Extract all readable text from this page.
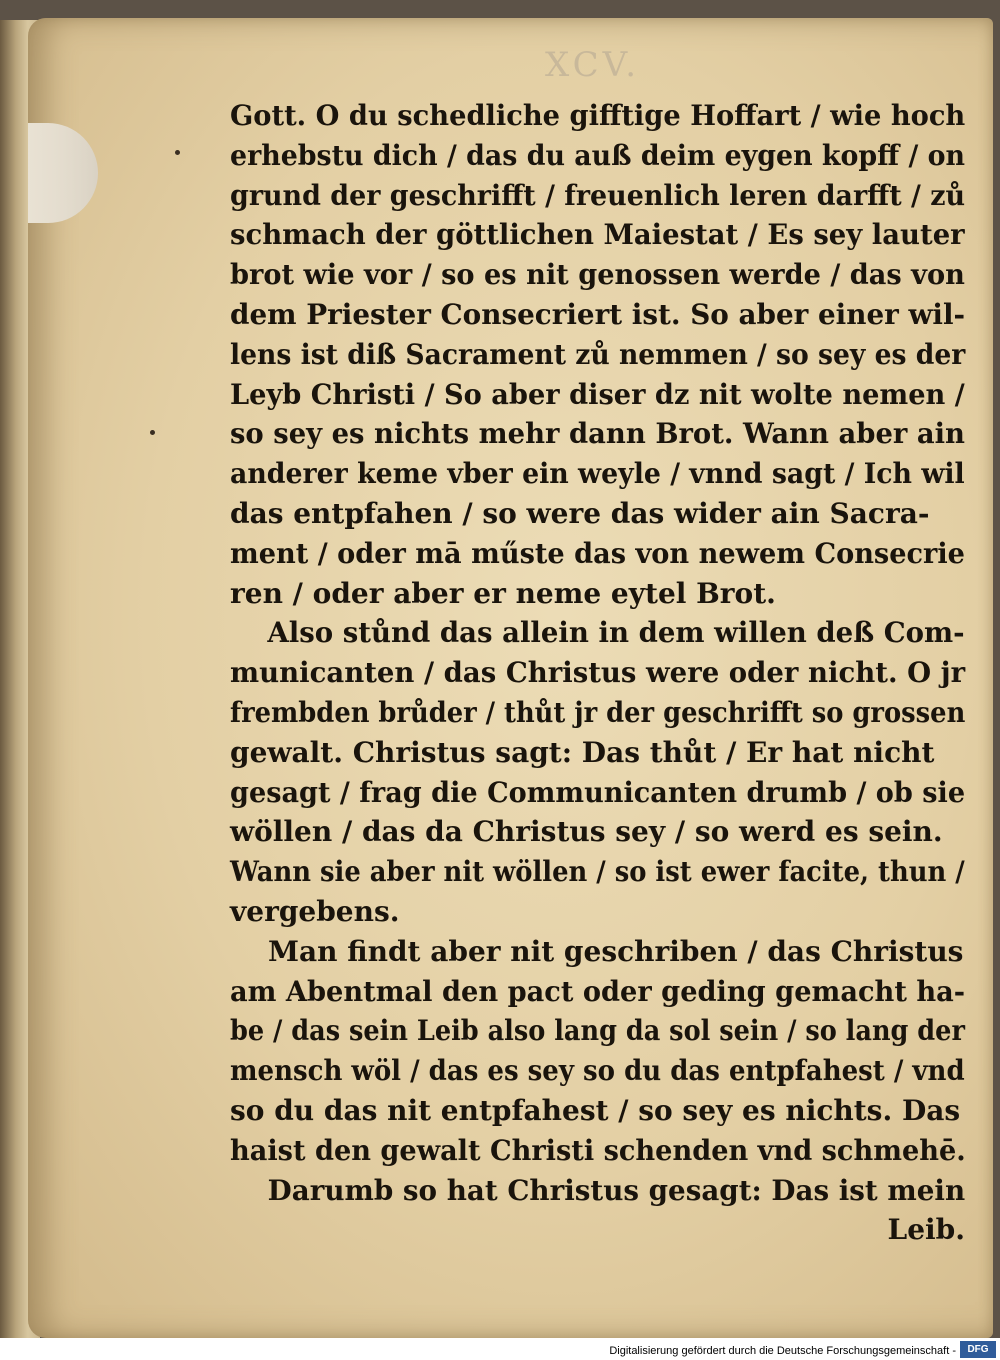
XCV.
Gott. O du schedliche gifftige Hoffart / wie hoch
erhebstu dich / das du auß deim eygen kopff / on
grund der geschrifft / freuenlich leren darfft / zů
schmach der göttlichen Maiestat / Es sey lauter
brot wie vor / so es nit genossen werde / das von
dem Priester Consecriert ist. So aber einer wil-
lens ist diß Sacrament zů nemmen / so sey es der
Leyb Christi / So aber diser dz nit wolte nemen /
so sey es nichts mehr dann Brot. Wann aber ain
anderer keme vber ein weyle / vnnd sagt / Ich wil
das entpfahen / so were das wider ain Sacra-
ment / oder mā műste das von newem Consecrie
ren / oder aber er neme eytel Brot.
Also stůnd das allein in dem willen deß Com-
municanten / das Christus were oder nicht. O jr
frembden brůder / thůt jr der geschrifft so grossen
gewalt. Christus sagt: Das thůt / Er hat nicht
gesagt / frag die Communicanten drumb / ob sie
wöllen / das da Christus sey / so werd es sein.
Wann sie aber nit wöllen / so ist ewer facite, thun /
vergebens.
Man findt aber nit geschriben / das Christus
am Abentmal den pact oder geding gemacht ha-
be / das sein Leib also lang da sol sein / so lang der
mensch wöl / das es sey so du das entpfahest / vnd
so du das nit entpfahest / so sey es nichts. Das
haist den gewalt Christi schenden vnd schmehē.
Darumb so hat Christus gesagt: Das ist mein
Leib.
Digitalisierung gefördert durch die Deutsche Forschungsgemeinschaft -	DFG
